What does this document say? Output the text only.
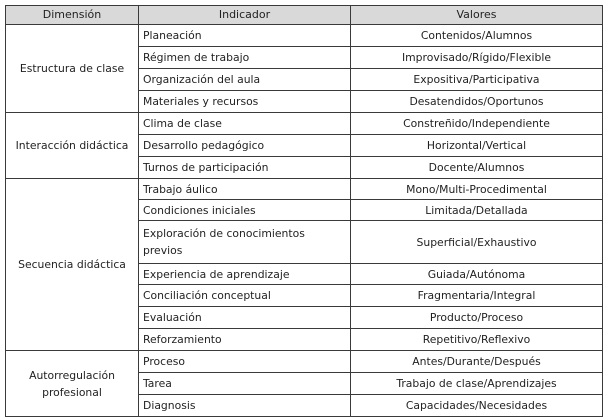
Dimensión	Indicador	Valores
Estructura de clase	Planeación	Contenidos/Alumnos
	Régimen de trabajo	Improvisado/Rígido/Flexible
	Organización del aula	Expositiva/Participativa
	Materiales y recursos	Desatendidos/Oportunos
Interacción didáctica	Clima de clase	Constreñido/Independiente
	Desarrollo pedagógico	Horizontal/Vertical
	Turnos de participación	Docente/Alumnos
Secuencia didáctica	Trabajo áulico	Mono/Multi-Procedimental
	Condiciones iniciales	Limitada/Detallada
	Exploración de conocimientos previos	Superficial/Exhaustivo
	Experiencia de aprendizaje	Guiada/Autónoma
	Conciliación conceptual	Fragmentaria/Integral
	Evaluación	Producto/Proceso
	Reforzamiento	Repetitivo/Reflexivo
Autorregulación profesional	Proceso	Antes/Durante/Después
	Tarea	Trabajo de clase/Aprendizajes
	Diagnosis	Capacidades/Necesidades
